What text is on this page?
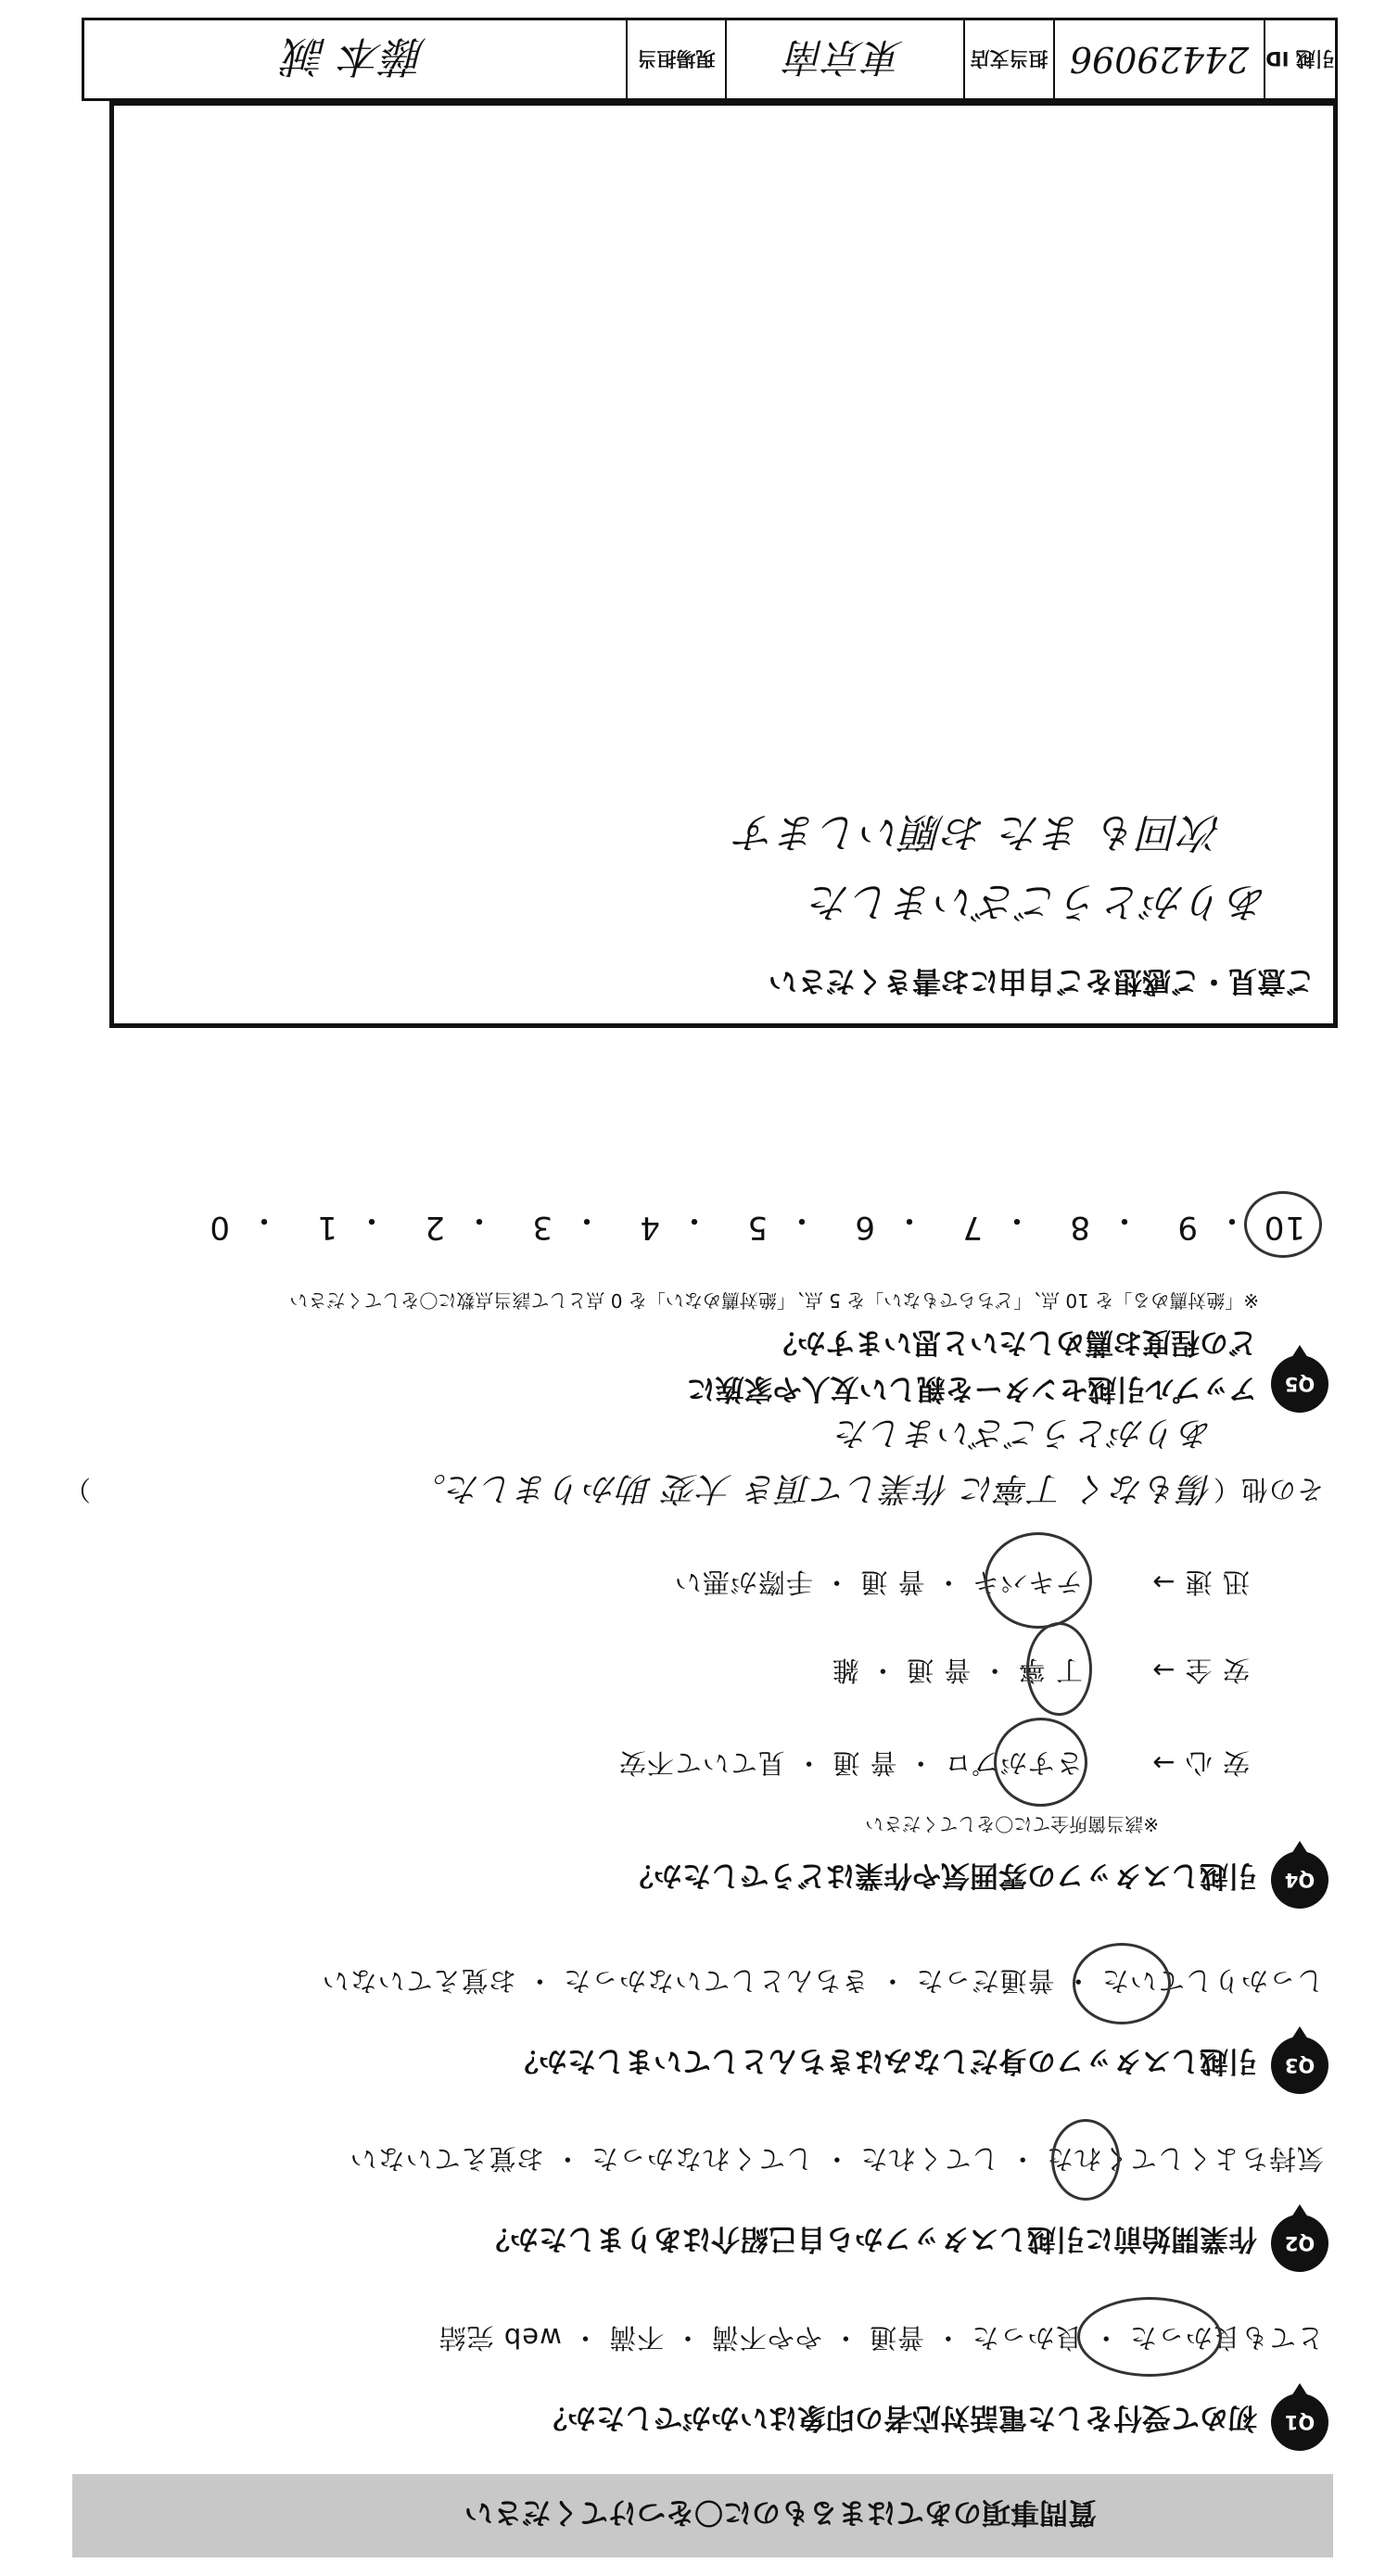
質問事項のあてはまるものに〇をつけてください
Q1
初めて受付をした電話対応者の印象はいかがでしたか？
とても良かった ・ 良かった ・ 普通 ・ やや不満 ・ 不満 ・ web 完結
Q2
作業開始前に引越しスタッフから自己紹介はありましたか？
気持ちよくしてくれた ・ してくれた ・ してくれなかった ・ お覚えていない
Q3
引越しスタッフの身だしなみはきちんとしていましたか？
しっかりしていた ・ 普通だった ・ きちんとしていなかった ・ お覚えていない
Q4
引越しスタッフの雰囲気や作業はどうでしたか？
※該当箇所全てに〇をしてください
安 心 →
さすがプロ ・ 普 通 ・ 見ていて不安
安 全 →
丁 寧 ・ 普 通 ・ 雑
迅 速 →
テキパキ ・ 普 通 ・ 手際が悪い
その他（
傷もなく 丁寧に 作業して頂き 大変 助かりました。
）
ありがとうございました
Q5
アップル引越センターを親しい友人や家族に
どの程度お薦めしたいと思いますか？
※「絶対薦める」を 10 点、「どちらでもない」を 5 点、「絶対薦めない」を 0 点として該当点数に〇をしてください
10
・
9
・
8
・
7
・
6
・
5
・
4
・
3
・
2
・
1
・
0
ご意見・ご感想をご自由にお書きください
ありがとうございました
次回も また お願いします
引越 ID
24429096
担当支店
東京南
現場担当
藤本 誠
